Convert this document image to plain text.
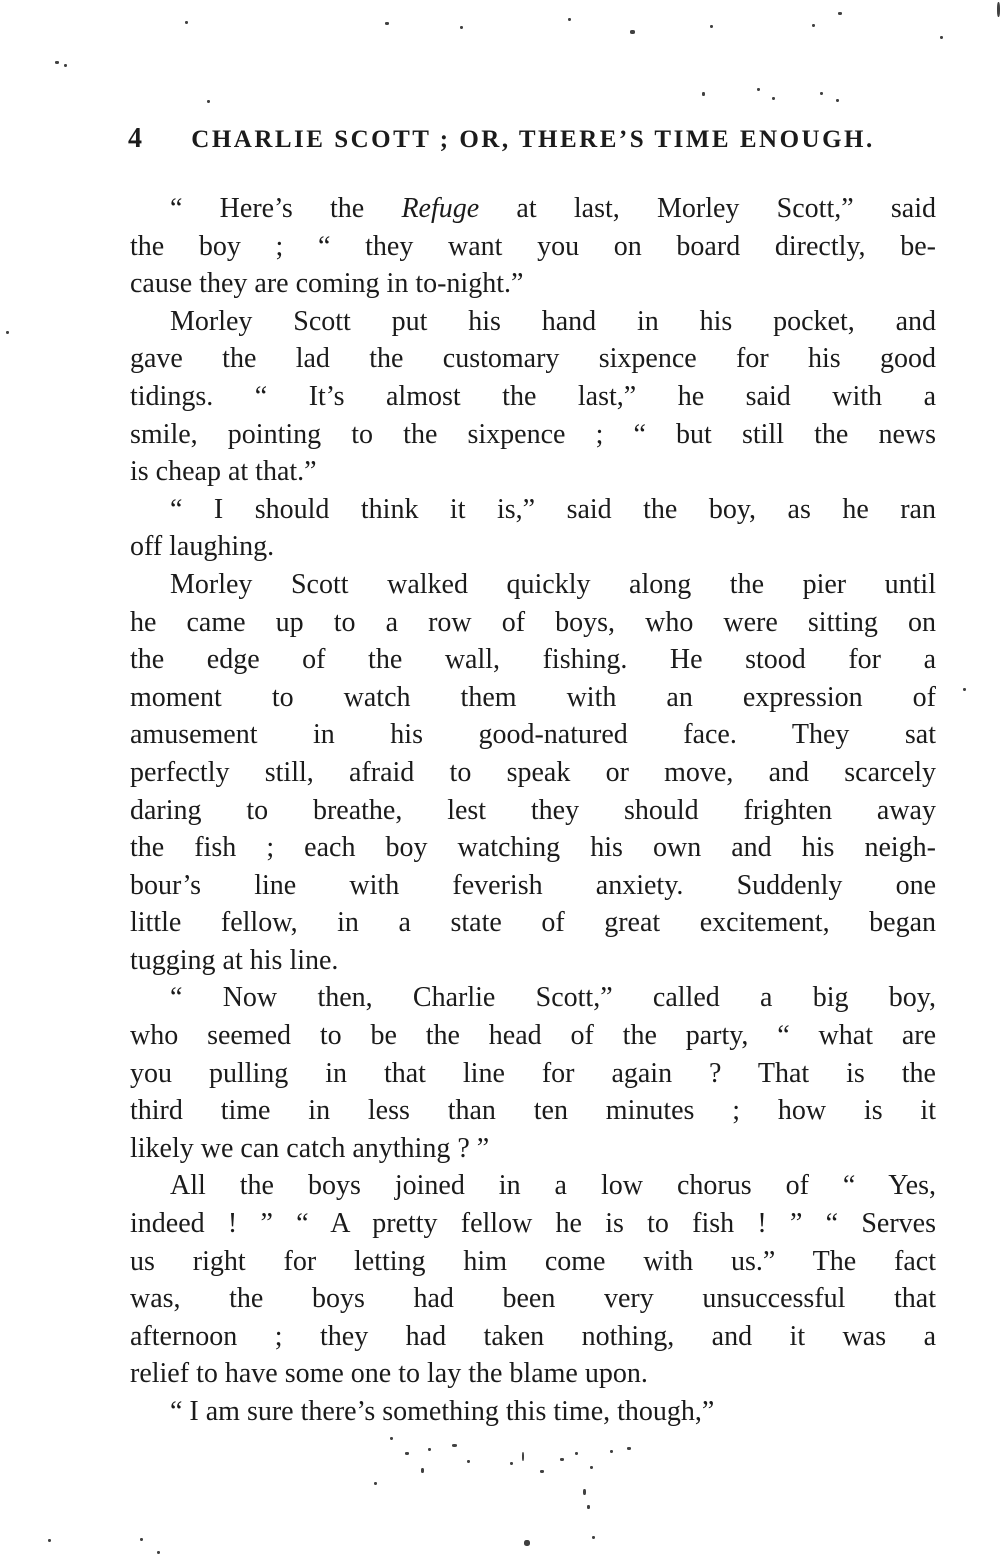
4	CHARLIE SCOTT ; OR, THERE’S TIME ENOUGH.
“ Here’s the Refuge at last, Morley Scott,” said
the boy ; “ they want you on board directly, be-
cause they are coming in to-night.”
Morley Scott put his hand in his pocket, and
gave the lad the customary sixpence for his good
tidings. “ It’s almost the last,” he said with a
smile, pointing to the sixpence ; “ but still the news
is cheap at that.”
“ I should think it is,” said the boy, as he ran
off laughing.
Morley Scott walked quickly along the pier until
he came up to a row of boys, who were sitting on
the edge of the wall, fishing. He stood for a
moment to watch them with an expression of
amusement in his good-natured face. They sat
perfectly still, afraid to speak or move, and scarcely
daring to breathe, lest they should frighten away
the fish ; each boy watching his own and his neigh-
bour’s line with feverish anxiety. Suddenly one
little fellow, in a state of great excitement, began
tugging at his line.
“ Now then, Charlie Scott,” called a big boy,
who seemed to be the head of the party, “ what are
you pulling in that line for again ? That is the
third time in less than ten minutes ; how is it
likely we can catch anything ? ”
All the boys joined in a low chorus of “ Yes,
indeed ! ” “ A pretty fellow he is to fish ! ” “ Serves
us right for letting him come with us.” The fact
was, the boys had been very unsuccessful that
afternoon ; they had taken nothing, and it was a
relief to have some one to lay the blame upon.
“ I am sure there’s something this time, though,”
